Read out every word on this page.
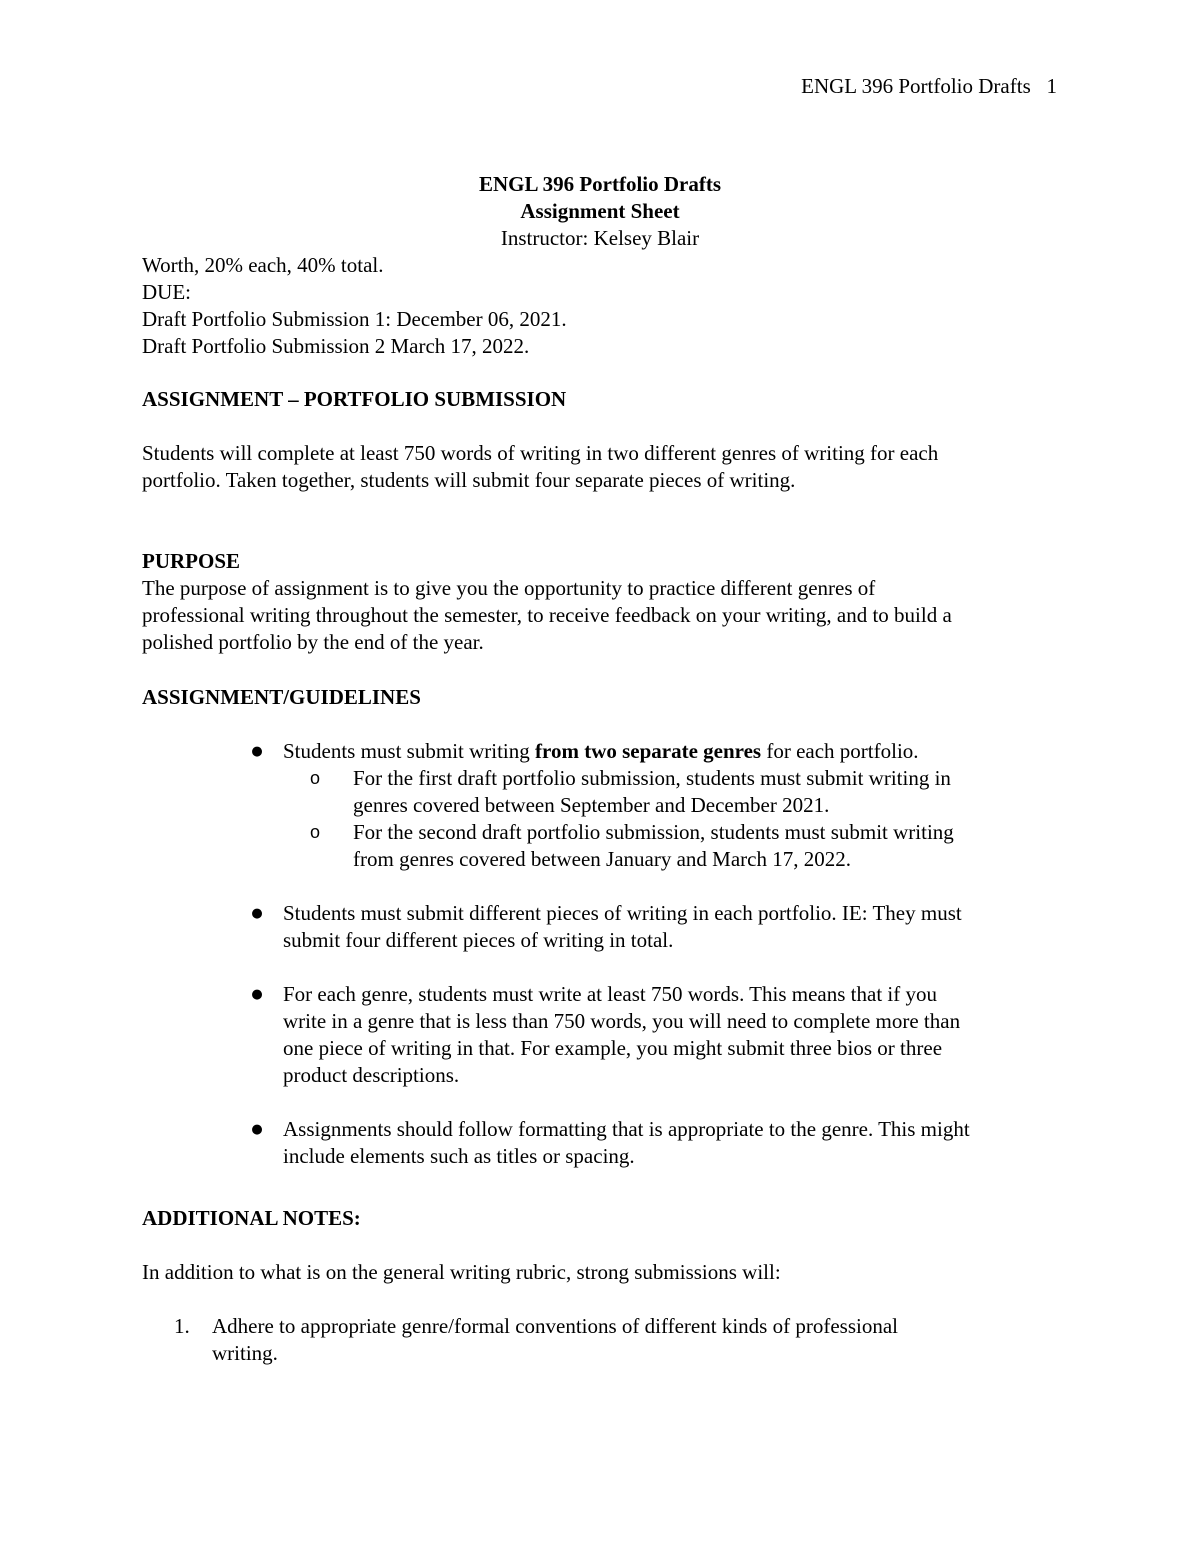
ENGL 396 Portfolio Drafts 1
ENGL 396 Portfolio Drafts
Assignment Sheet
Instructor: Kelsey Blair
Worth, 20% each, 40% total.
DUE:
Draft Portfolio Submission 1: December 06, 2021.
Draft Portfolio Submission 2 March 17, 2022.
ASSIGNMENT – PORTFOLIO SUBMISSION
Students will complete at least 750 words of writing in two different genres of writing for each
portfolio. Taken together, students will submit four separate pieces of writing.
PURPOSE
The purpose of assignment is to give you the opportunity to practice different genres of
professional writing throughout the semester, to receive feedback on your writing, and to build a
polished portfolio by the end of the year.
ASSIGNMENT/GUIDELINES
● Students must submit writing from two separate genres for each portfolio.
o For the first draft portfolio submission, students must submit writing in
genres covered between September and December 2021.
o For the second draft portfolio submission, students must submit writing
from genres covered between January and March 17, 2022.
● Students must submit different pieces of writing in each portfolio. IE: They must
submit four different pieces of writing in total.
● For each genre, students must write at least 750 words. This means that if you
write in a genre that is less than 750 words, you will need to complete more than
one piece of writing in that. For example, you might submit three bios or three
product descriptions.
● Assignments should follow formatting that is appropriate to the genre. This might
include elements such as titles or spacing.
ADDITIONAL NOTES:
In addition to what is on the general writing rubric, strong submissions will:
1. Adhere to appropriate genre/formal conventions of different kinds of professional
writing.
